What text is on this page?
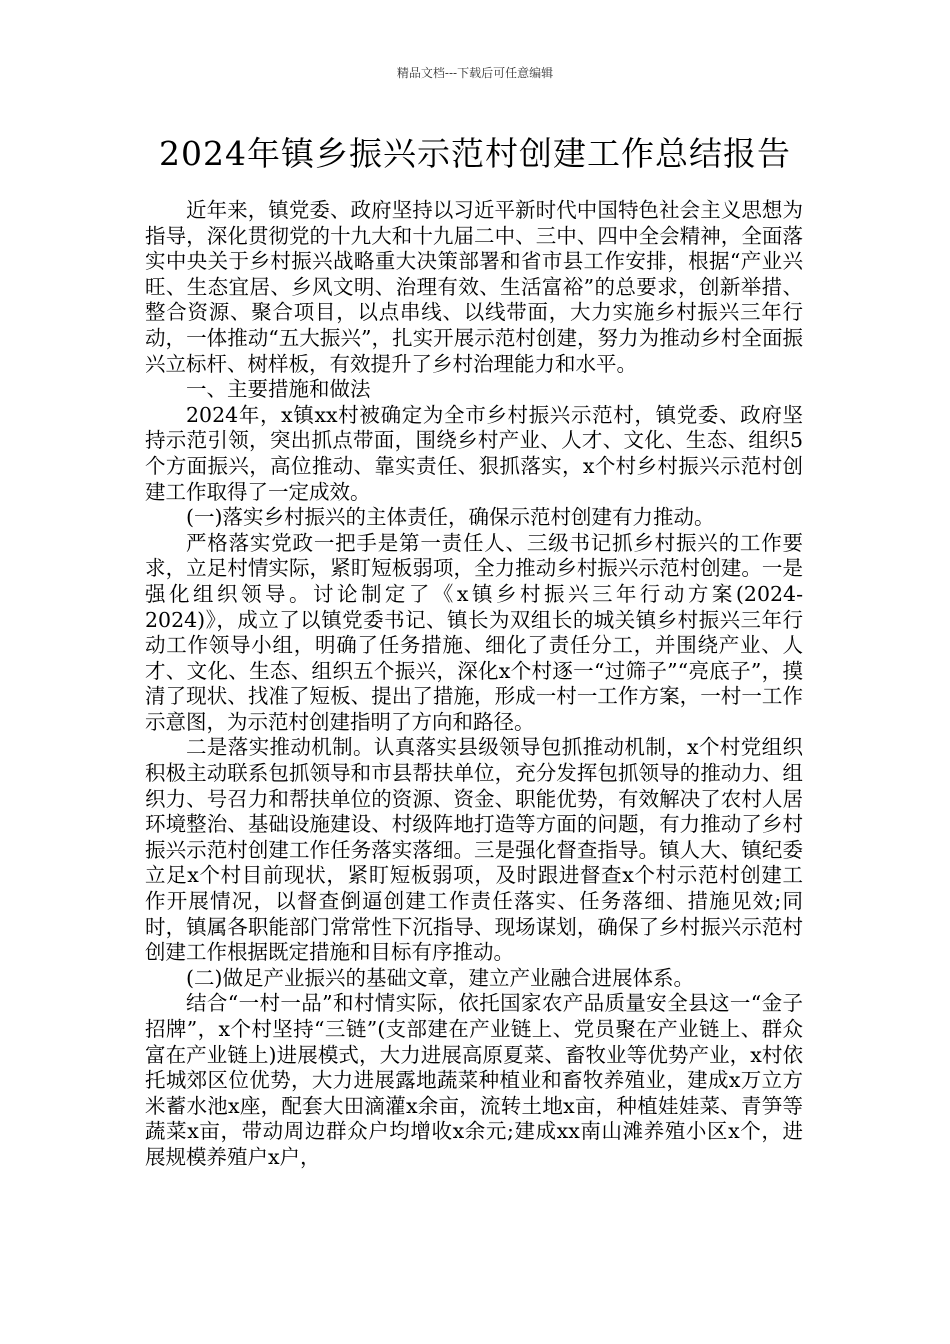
精品文档---下载后可任意编辑
2024年镇乡振兴示范村创建工作总结报告

近年来，镇党委、政府坚持以习近平新时代中国特色社会主义思想为指导，深化贯彻党的十九大和十九届二中、三中、四中全会精神，全面落实中央关于乡村振兴战略重大决策部署和省市县工作安排，根据“产业兴旺、生态宜居、乡风文明、治理有效、生活富裕”的总要求，创新举措、整合资源、聚合项目，以点串线、以线带面，大力实施乡村振兴三年行动，一体推动“五大振兴”，扎实开展示范村创建，努力为推动乡村全面振兴立标杆、树样板，有效提升了乡村治理能力和水平。

一、主要措施和做法

2024年，x镇xx村被确定为全市乡村振兴示范村，镇党委、政府坚持示范引领，突出抓点带面，围绕乡村产业、人才、文化、生态、组织5个方面振兴，高位推动、靠实责任、狠抓落实，x个村乡村振兴示范村创建工作取得了一定成效。

(一)落实乡村振兴的主体责任，确保示范村创建有力推动。

严格落实党政一把手是第一责任人、三级书记抓乡村振兴的工作要求，立足村情实际，紧盯短板弱项，全力推动乡村振兴示范村创建。一是强化组织领导。讨论制定了《x镇乡村振兴三年行动方案(2024-2024)》，成立了以镇党委书记、镇长为双组长的城关镇乡村振兴三年行动工作领导小组，明确了任务措施、细化了责任分工，并围绕产业、人才、文化、生态、组织五个振兴，深化x个村逐一“过筛子”“亮底子”，摸清了现状、找准了短板、提出了措施，形成一村一工作方案，一村一工作示意图，为示范村创建指明了方向和路径。

二是落实推动机制。认真落实县级领导包抓推动机制，x个村党组织积极主动联系包抓领导和市县帮扶单位，充分发挥包抓领导的推动力、组织力、号召力和帮扶单位的资源、资金、职能优势，有效解决了农村人居环境整治、基础设施建设、村级阵地打造等方面的问题，有力推动了乡村振兴示范村创建工作任务落实落细。三是强化督查指导。镇人大、镇纪委立足x个村目前现状，紧盯短板弱项，及时跟进督查x个村示范村创建工作开展情况，以督查倒逼创建工作责任落实、任务落细、措施见效;同时，镇属各职能部门常常性下沉指导、现场谋划，确保了乡村振兴示范村创建工作根据既定措施和目标有序推动。

(二)做足产业振兴的基础文章，建立产业融合进展体系。

结合“一村一品”和村情实际，依托国家农产品质量安全县这一“金子招牌”，x个村坚持“三链”(支部建在产业链上、党员聚在产业链上、群众富在产业链上)进展模式，大力进展高原夏菜、畜牧业等优势产业，x村依托城郊区位优势，大力进展露地蔬菜种植业和畜牧养殖业，建成x万立方米蓄水池x座，配套大田滴灌x余亩，流转土地x亩，种植娃娃菜、青笋等蔬菜x亩，带动周边群众户均增收x余元;建成xx南山滩养殖小区x个，进展规模养殖户x户，
